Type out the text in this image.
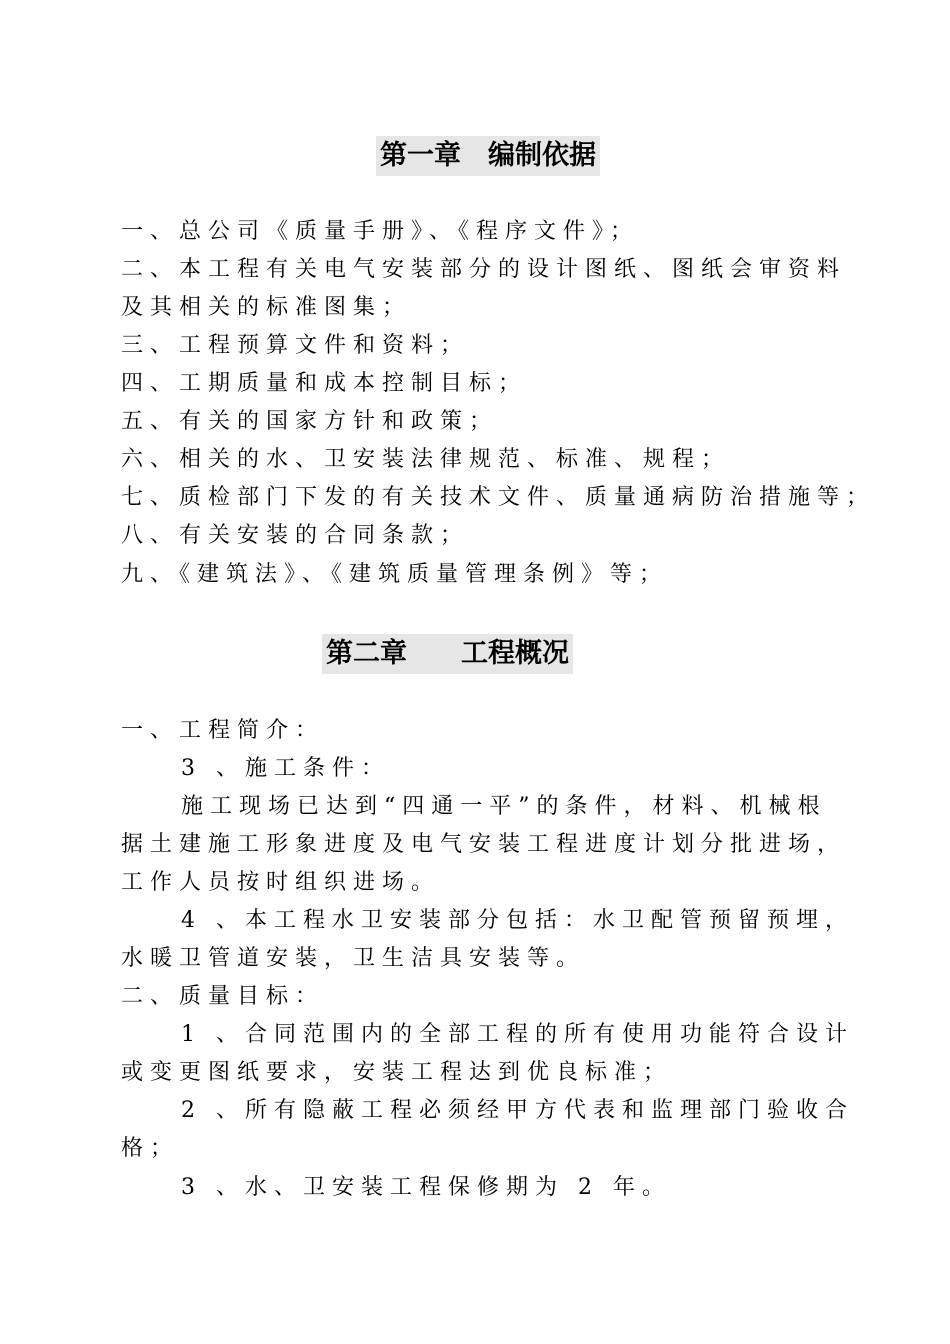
第一章　编制依据
一、总公司《质量手册》、《程序文件》；
二、本工程有关电气安装部分的设计图纸、图纸会审资料
及其相关的标准图集；
三、工程预算文件和资料；
四、工期质量和成本控制目标；
五、有关的国家方针和政策；
六、相关的水、卫安装法律规范、标准、规程；
七、质检部门下发的有关技术文件、质量通病防治措施等；
八、有关安装的合同条款；
九、《建筑法》、《建筑质量管理条例》等；
第二章　　工程概况
一、工程简介：
3 、施工条件：
施工现场已达到“四通一平”的条件，材料、机械根
据土建施工形象进度及电气安装工程进度计划分批进场，
工作人员按时组织进场。
4 、本工程水卫安装部分包括：水卫配管预留预埋，
水暖卫管道安装，卫生洁具安装等。
二、质量目标：
1 、合同范围内的全部工程的所有使用功能符合设计
或变更图纸要求，安装工程达到优良标准；
2 、所有隐蔽工程必须经甲方代表和监理部门验收合
格；
3 、水、卫安装工程保修期为 2 年。
